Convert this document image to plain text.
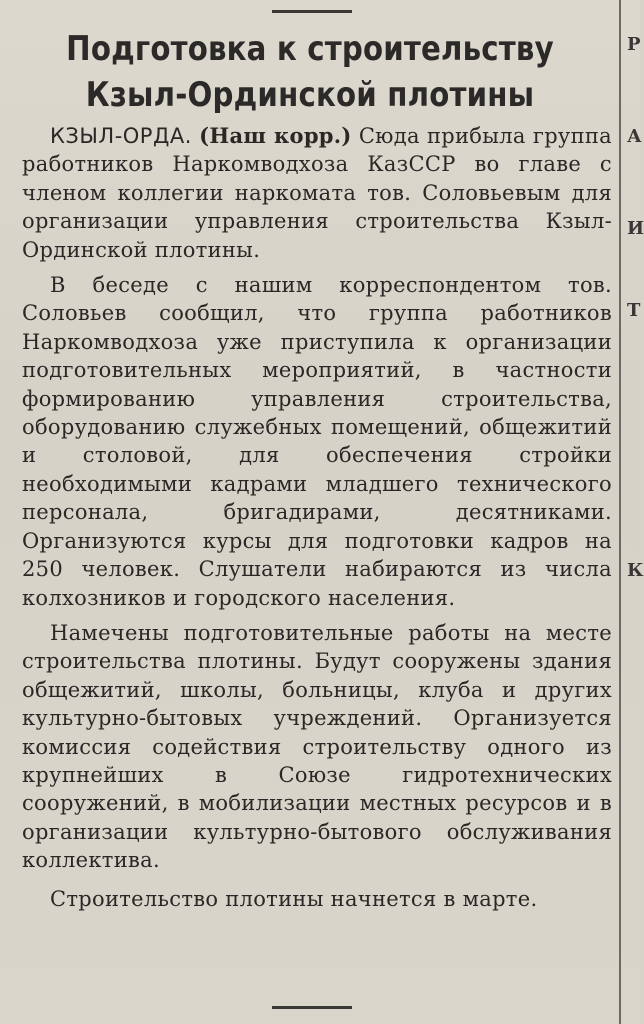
Подготовка к строительству
Кзыл-Ординской плотины

КЗЫЛ-ОРДА. (Наш корр.) Сюда прибыла группа работников Наркомводхоза КазССР во главе с членом коллегии наркомата тов. Соловьевым для организации управления строительства Кзыл-Ординской плотины.

В беседе с нашим корреспондентом тов. Соловьев сообщил, что группа работников Наркомводхоза уже приступила к организации подготовительных мероприятий, в частности формированию управления строительства, оборудованию служебных помещений, общежитий и столовой, для обеспечения стройки необходимыми кадрами младшего технического персонала, бригадирами, десятниками. Организуются курсы для подготовки кадров на 250 человек. Слушатели набираются из числа колхозников и городского населения.

Намечены подготовительные работы на месте строительства плотины. Будут сооружены здания общежитий, школы, больницы, клуба и других культурно-бытовых учреждений. Организуется комиссия содействия строительству одного из крупнейших в Союзе гидротехнических сооружений, в мобилизации местных ресурсов и в организации культурно-бытового обслуживания коллектива.

Строительство плотины начнется в марте.

Р
А
И
Т
К
